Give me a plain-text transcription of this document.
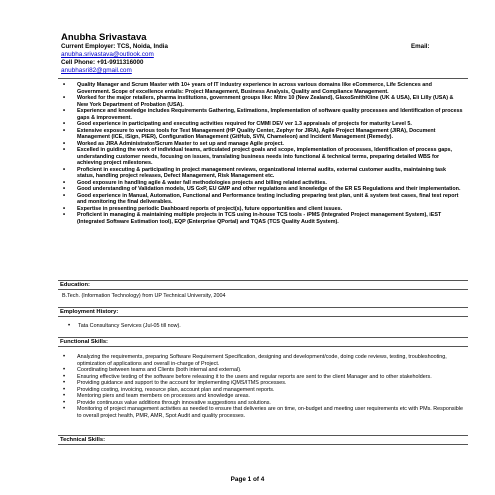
Anubha Srivastava
Current Employer: TCS, Noida, India	Email:
anubha.srivastava@outlook.com
Cell Phone: +91-9911316000
anubhasri82@gmail.com
• Quality Manager and Scrum Master with 10+ years of IT industry experience in across various domains like eCommerce, Life Sciences and Government. Scope of excellence entails: Project Management, Business Analysis, Quality and Compliance Management.
• Worked for the major retailers, pharma institutions, government groups like: Mitre 10 (New Zealand), GlaxoSmithKline (UK & USA), Eli Lilly (USA) & New York Department of Probation (USA).
• Experience and knowledge includes Requirements Gathering, Estimations, Implementation of software quality processes and Identification of process gaps & improvement.
• Good experience in participating and executing activities required for CMMI DEV ver 1.3 appraisals of projects for maturity Level 5.
• Extensive exposure to various tools for Test Management (HP Quality Center, Zephyr for JIRA), Agile Project Management (JIRA), Document Management (ICE, iSign, PIER), Configuration Management (GitHub, SVN, Chameleon) and Incident Management (Remedy).
• Worked as JIRA Administrator/Scrum Master to set up and manage Agile project.
• Excelled in guiding the work of individual teams, articulated project goals and scope, implementation of processes, Identification of process gaps, understanding customer needs, focusing on issues, translating business needs into functional & technical terms, preparing detailed WBS for achieving project milestones.
• Proficient in executing & participating in project management reviews, organizational internal audits, external customer audits, maintaining task status, handling project releases, Defect Management, Risk Management etc.
• Good exposure in handling agile & water fall methodologies projects and billing related activities.
• Good understanding of Validation models, US GxP, EU GMP and other regulations and knowledge of the ER ES Regulations and their implementation.
• Good experience in Manual, Automation, Functional and Performance testing including preparing test plan, unit & system test cases, final test report and monitoring the final deliverables.
• Expertise in presenting periodic Dashboard reports of project(s), future opportunities and client issues.
• Proficient in managing & maintaining multiple projects in TCS using in-house TCS tools - iPMS (Integrated Project management System), iEST (Integrated Software Estimation tool), EQP (Enterprise QPortal) and TQAS (TCS Quality Audit System).
Education:
B.Tech. (Information Technology) from UP Technical University, 2004
Employment History:
• Tata Consultancy Services (Jul-05 till now).
Functional Skills:
• Analyzing the requirements, preparing Software Requirement Specification, designing and development/code, doing code reviews, testing, troubleshooting, optimization of applications and overall in-charge of Project.
• Coordinating between teams and Clients (both internal and external).
• Ensuring effective testing of the software before releasing it to the users and regular reports are sent to the client Manager and to other stakeholders.
• Providing guidance and support to the account for implementing iQMS/ITMS processes.
• Providing costing, invoicing, resource plan, account plan and management reports.
• Mentoring piers and team members on processes and knowledge areas.
• Provide continuous value additions through innovative suggestions and solutions.
• Monitoring of project management activities as needed to ensure that deliveries are on time, on-budget and meeting user requirements etc with PMs. Responsible to overall project health, PMR, AMR, Spot Audit and quality processes.
Technical Skills:
Page 1 of 4
